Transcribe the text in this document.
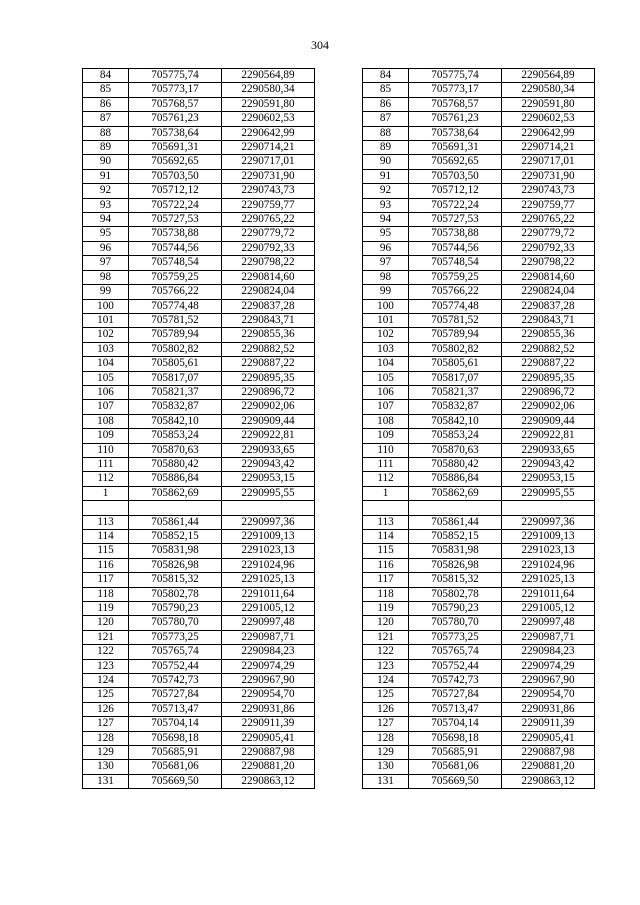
304
84	705775,74	2290564,89		84	705775,74	2290564,89
85	705773,17	2290580,34		85	705773,17	2290580,34
86	705768,57	2290591,80		86	705768,57	2290591,80
87	705761,23	2290602,53		87	705761,23	2290602,53
88	705738,64	2290642,99		88	705738,64	2290642,99
89	705691,31	2290714,21		89	705691,31	2290714,21
90	705692,65	2290717,01		90	705692,65	2290717,01
91	705703,50	2290731,90		91	705703,50	2290731,90
92	705712,12	2290743,73		92	705712,12	2290743,73
93	705722,24	2290759,77		93	705722,24	2290759,77
94	705727,53	2290765,22		94	705727,53	2290765,22
95	705738,88	2290779,72		95	705738,88	2290779,72
96	705744,56	2290792,33		96	705744,56	2290792,33
97	705748,54	2290798,22		97	705748,54	2290798,22
98	705759,25	2290814,60		98	705759,25	2290814,60
99	705766,22	2290824,04		99	705766,22	2290824,04
100	705774,48	2290837,28		100	705774,48	2290837,28
101	705781,52	2290843,71		101	705781,52	2290843,71
102	705789,94	2290855,36		102	705789,94	2290855,36
103	705802,82	2290882,52		103	705802,82	2290882,52
104	705805,61	2290887,22		104	705805,61	2290887,22
105	705817,07	2290895,35		105	705817,07	2290895,35
106	705821,37	2290896,72		106	705821,37	2290896,72
107	705832,87	2290902,06		107	705832,87	2290902,06
108	705842,10	2290909,44		108	705842,10	2290909,44
109	705853,24	2290922,81		109	705853,24	2290922,81
110	705870,63	2290933,65		110	705870,63	2290933,65
111	705880,42	2290943,42		111	705880,42	2290943,42
112	705886,84	2290953,15		112	705886,84	2290953,15
1	705862,69	2290995,55		1	705862,69	2290995,55

113	705861,44	2290997,36		113	705861,44	2290997,36
114	705852,15	2291009,13		114	705852,15	2291009,13
115	705831,98	2291023,13		115	705831,98	2291023,13
116	705826,98	2291024,96		116	705826,98	2291024,96
117	705815,32	2291025,13		117	705815,32	2291025,13
118	705802,78	2291011,64		118	705802,78	2291011,64
119	705790,23	2291005,12		119	705790,23	2291005,12
120	705780,70	2290997,48		120	705780,70	2290997,48
121	705773,25	2290987,71		121	705773,25	2290987,71
122	705765,74	2290984,23		122	705765,74	2290984,23
123	705752,44	2290974,29		123	705752,44	2290974,29
124	705742,73	2290967,90		124	705742,73	2290967,90
125	705727,84	2290954,70		125	705727,84	2290954,70
126	705713,47	2290931,86		126	705713,47	2290931,86
127	705704,14	2290911,39		127	705704,14	2290911,39
128	705698,18	2290905,41		128	705698,18	2290905,41
129	705685,91	2290887,98		129	705685,91	2290887,98
130	705681,06	2290881,20		130	705681,06	2290881,20
131	705669,50	2290863,12		131	705669,50	2290863,12
